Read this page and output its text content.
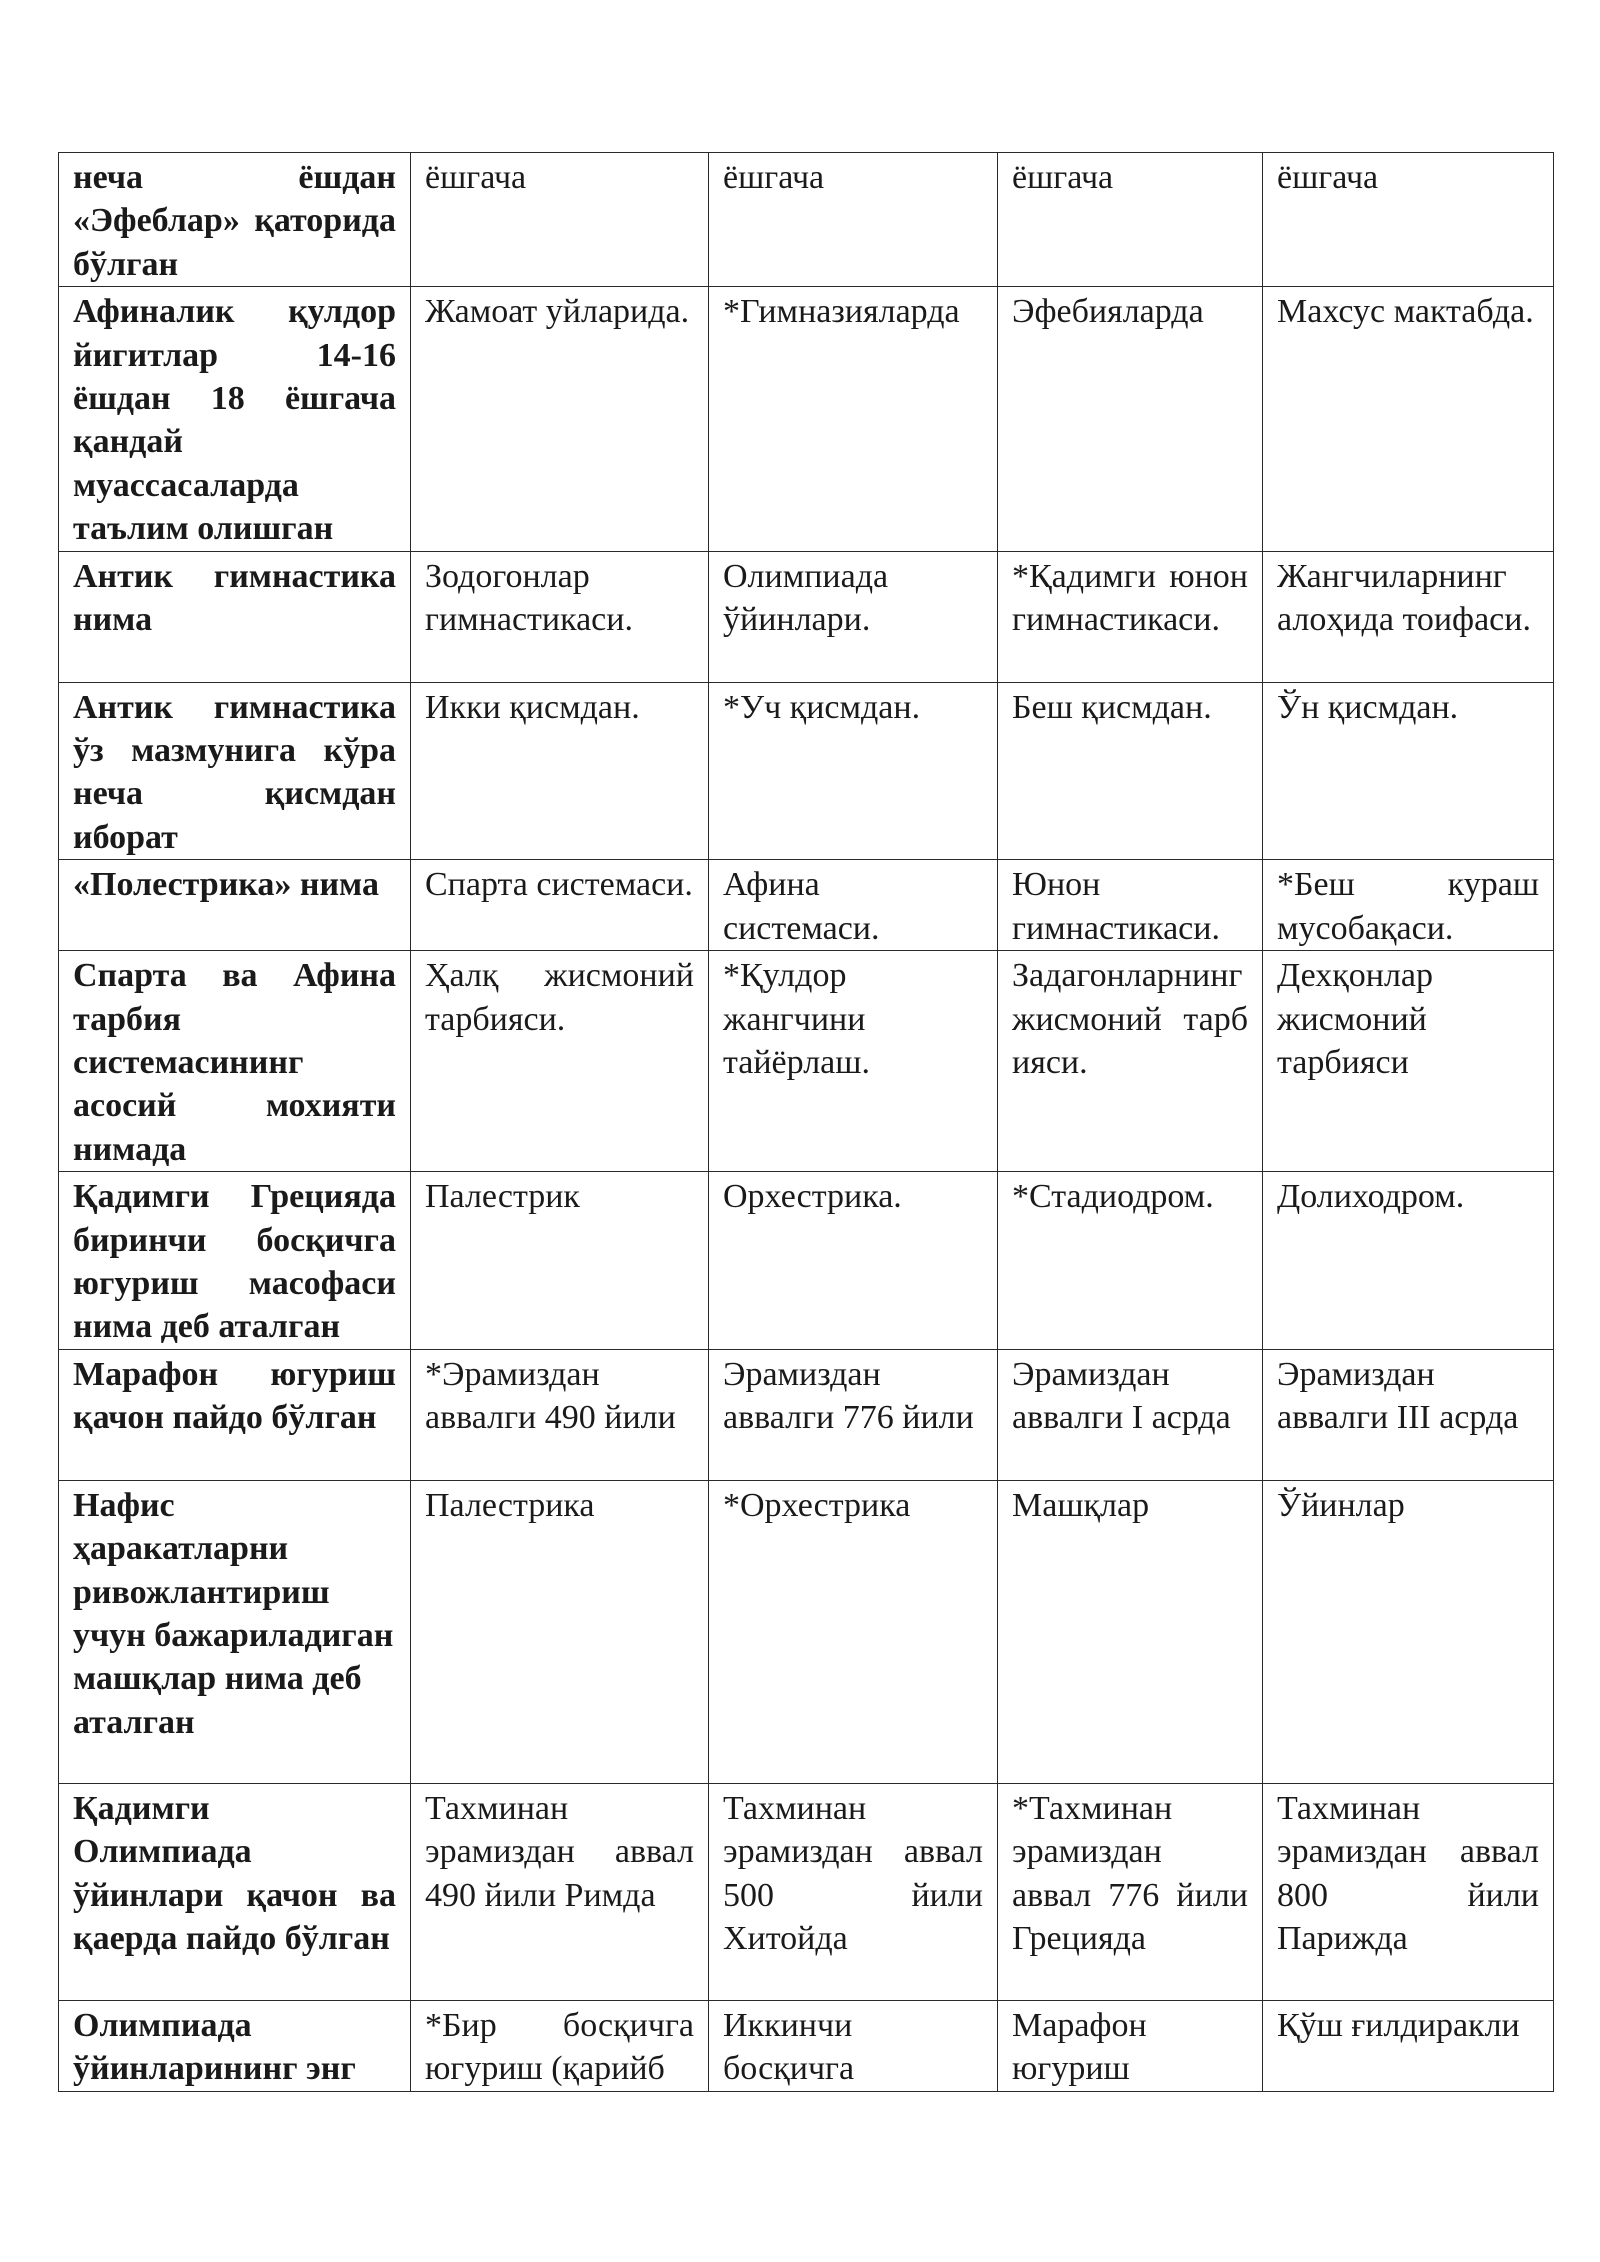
неча ёшдан «Эфеблар» қаторида бўлган	ёшгача	ёшгача	ёшгача	ёшгача

Афиналик қулдор йигитлар 14-16 ёшдан 18 ёшгача қандай муассасаларда таълим олишган	Жамоат уйларида.	*Гимназияларда	Эфебияларда	Махсус мактабда.

Антик гимнастика нима	Зодогонлар гимнастикаси.	Олимпиада ўйинлари.	*Қадимги юнон гимнастикаси.	Жангчиларнинг алоҳида тоифаси.

Антик гимнастика ўз мазмунига кўра неча қисмдан иборат	Икки қисмдан.	*Уч қисмдан.	Беш қисмдан.	Ўн қисмдан.

«Полестрика» нима	Спарта системаси.	Афина системаси.	Юнон гимнастикаси.	*Беш кураш мусобақаси.

Спарта ва Афина тарбия системасининг асосий мохияти нимада	Ҳалқ жисмоний тарбияси.	*Қулдор жангчини тайёрлаш.	Задагонларнинг жисмоний тарбияси.	Дехқонлар жисмоний тарбияси

Қадимги Грецияда биринчи босқичга югуриш масофаси нима деб аталган	Палестрик	Орхестрика.	*Стадиодром.	Долиходром.

Марафон югуриш қачон пайдо бўлган	*Эрамиздан аввалги 490 йили	Эрамиздан аввалги 776 йили	Эрамиздан аввалги I асрда	Эрамиздан аввалги III асрда

Нафис ҳаракатларни ривожлантириш учун бажариладиган машқлар нима деб аталган	Палестрика	*Орхестрика	Машқлар	Ўйинлар

Қадимги Олимпиада ўйинлари қачон ва қаерда пайдо бўлган	Тахминан эрамиздан аввал 490 йили Римда	Тахминан эрамиздан аввал 500 йили Хитойда	*Тахминан эрамиздан аввал 776 йили Грецияда	Тахминан эрамиздан аввал 800 йили Парижда

Олимпиада ўйинларининг энг	*Бир босқичга югуриш (қарийб	Иккинчи босқичга	Марафон югуриш	Қўш ғилдиракли
